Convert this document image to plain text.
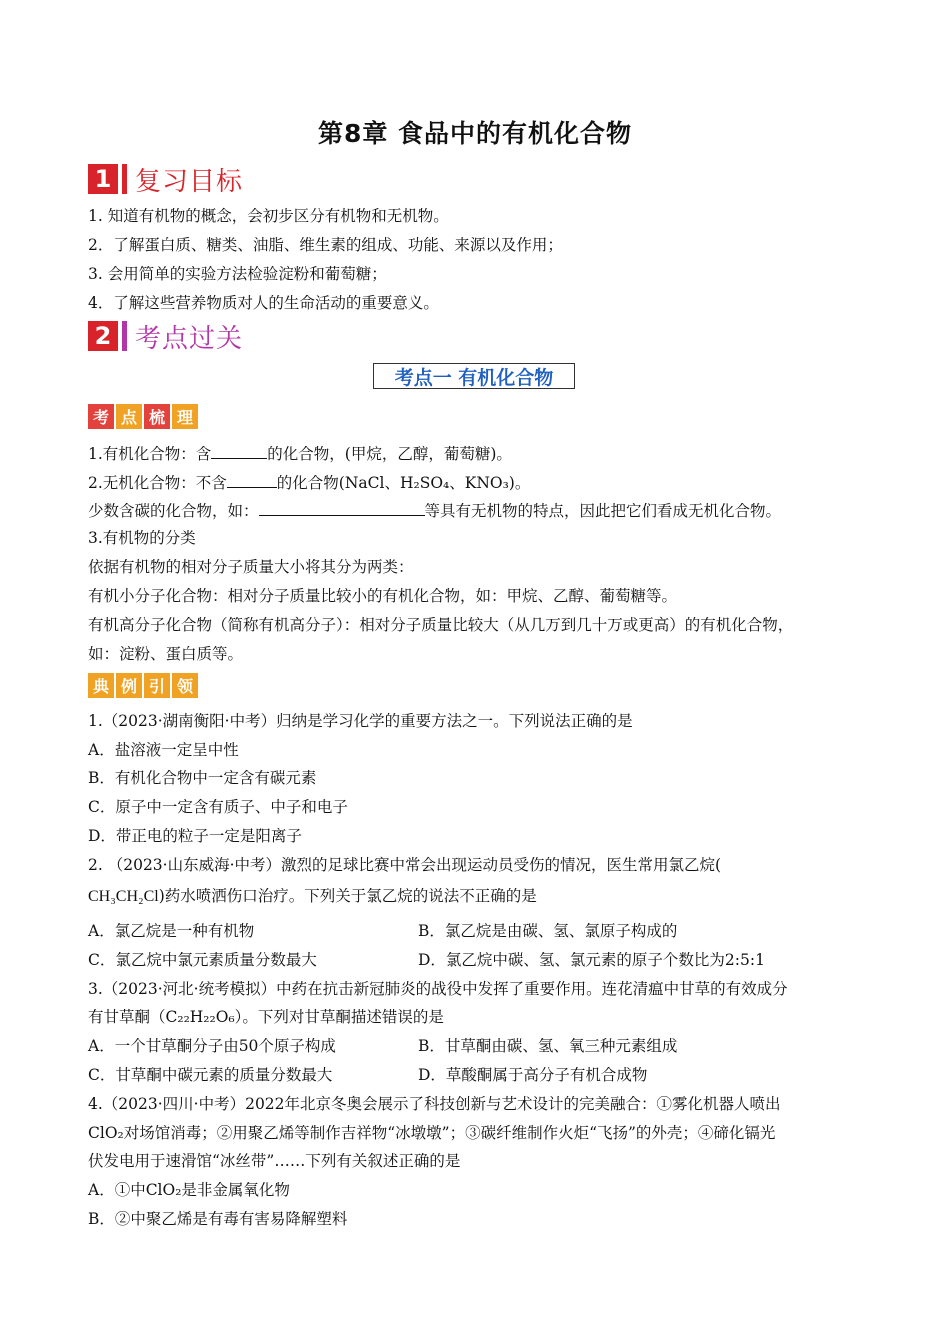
第8章 食品中的有机化合物
1 复习目标
1. 知道有机物的概念，会初步区分有机物和无机物。
2．了解蛋白质、糖类、油脂、维生素的组成、功能、来源以及作用；
3. 会用简单的实验方法检验淀粉和葡萄糖；
4．了解这些营养物质对人的生命活动的重要意义。
2 考点过关
考点一 有机化合物
考 点 梳 理
1.有机化合物：含	的化合物，(甲烷，乙醇，葡萄糖)。
2.无机化合物：不含	的化合物(NaCl、H₂SO₄、KNO₃)。
少数含碳的化合物，如：	等具有无机物的特点，因此把它们看成无机化合物。
3.有机物的分类
依据有机物的相对分子质量大小将其分为两类：
有机小分子化合物：相对分子质量比较小的有机化合物，如：甲烷、乙醇、葡萄糖等。
有机高分子化合物（简称有机高分子）：相对分子质量比较大（从几万到几十万或更高）的有机化合物，
如：淀粉、蛋白质等。
典 例 引 领
1.（2023·湖南衡阳·中考）归纳是学习化学的重要方法之一。下列说法正确的是
A．盐溶液一定呈中性
B．有机化合物中一定含有碳元素
C．原子中一定含有质子、中子和电子
D．带正电的粒子一定是阳离子
2. （2023·山东威海·中考）激烈的足球比赛中常会出现运动员受伤的情况，医生常用氯乙烷(
CH₃CH₂Cl)药水喷洒伤口治疗。下列关于氯乙烷的说法不正确的是
A．氯乙烷是一种有机物	B．氯乙烷是由碳、氢、氯原子构成的
C．氯乙烷中氯元素质量分数最大	D．氯乙烷中碳、氢、氯元素的原子个数比为2:5:1
3.（2023·河北·统考模拟）中药在抗击新冠肺炎的战役中发挥了重要作用。连花清瘟中甘草的有效成分
有甘草酮（C₂₂H₂₂O₆）。下列对甘草酮描述错误的是
A．一个甘草酮分子由50个原子构成	B．甘草酮由碳、氢、氧三种元素组成
C．甘草酮中碳元素的质量分数最大	D．草酸酮属于高分子有机合成物
4.（2023·四川·中考）2022年北京冬奥会展示了科技创新与艺术设计的完美融合：①雾化机器人喷出
ClO₂对场馆消毒；②用聚乙烯等制作吉祥物“冰墩墩”；③碳纤维制作火炬“飞扬”的外壳；④碲化镉光
伏发电用于速滑馆“冰丝带”……下列有关叙述正确的是
A．①中ClO₂是非金属氧化物
B．②中聚乙烯是有毒有害易降解塑料
